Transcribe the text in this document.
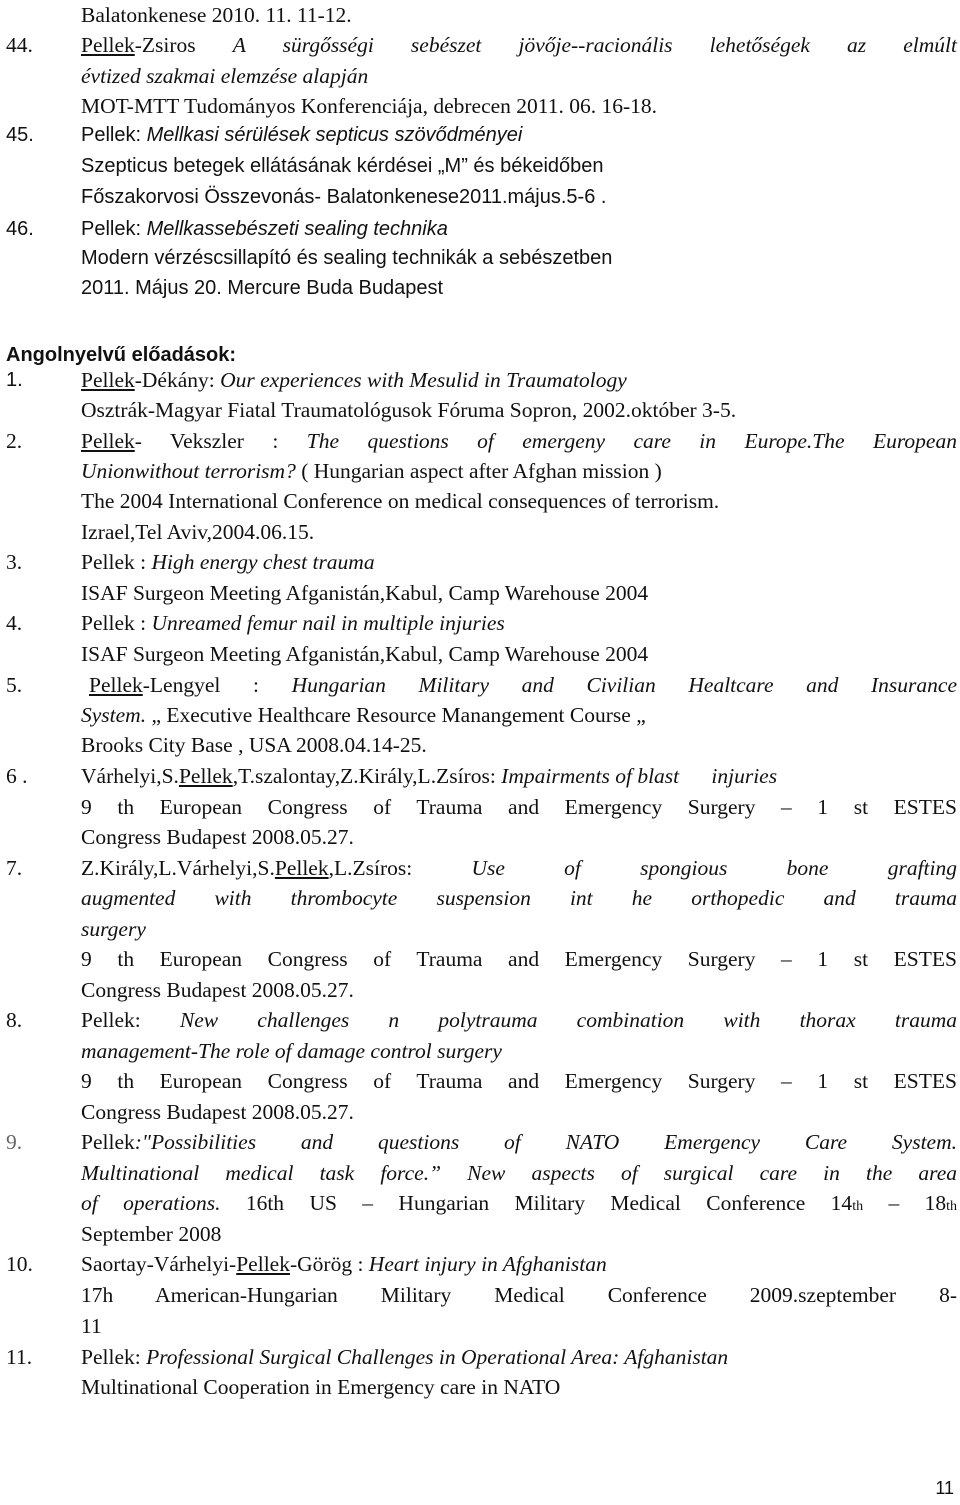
Balatonkenese 2010. 11. 11-12.
44. Pellek-Zsiros A sürgősségi sebészet jövője--racionális lehetőségek az elmúlt
évtized szakmai elemzése alapján
MOT-MTT Tudományos Konferenciája, debrecen 2011. 06. 16-18.
45. Pellek: Mellkasi sérülések septicus szövődményei
Szepticus betegek ellátásának kérdései „M” és békeidőben
Főszakorvosi Összevonás- Balatonkenese2011.május.5-6 .
46. Pellek: Mellkassebészeti sealing technika
Modern vérzéscsillapító és sealing technikák a sebészetben
2011. Május 20. Mercure Buda Budapest
Angolnyelvű előadások:
1.	Pellek-Dékány: Our experiences with Mesulid in Traumatology
Osztrák-Magyar Fiatal Traumatológusok Fóruma Sopron, 2002.október 3-5.
2.	Pellek- Vekszler : The questions of emergeny care in Europe.The European
Unionwithout terrorism? ( Hungarian aspect after Afghan mission )
The 2004 International Conference on medical consequences of terrorism.
Izrael,Tel Aviv,2004.06.15.
3.	Pellek : High energy chest trauma
ISAF Surgeon Meeting Afganistán,Kabul, Camp Warehouse 2004
4.	Pellek : Unreamed femur nail in multiple injuries
ISAF Surgeon Meeting Afganistán,Kabul, Camp Warehouse 2004
5.	Pellek-Lengyel : Hungarian Military and Civilian Healtcare and Insurance
System. „ Executive Healthcare Resource Manangement Course „
Brooks City Base , USA 2008.04.14-25.
6 . Várhelyi,S.Pellek,T.szalontay,Z.Király,L.Zsíros: Impairments of blast      injuries
9 th European Congress of Trauma and Emergency Surgery – 1 st ESTES
Congress Budapest 2008.05.27.
7.	Z.Király,L.Várhelyi,S.Pellek,L.Zsíros: Use of spongious bone grafting
augmented with thrombocyte suspension int he orthopedic and trauma
surgery
9 th European Congress of Trauma and Emergency Surgery – 1 st ESTES
Congress Budapest 2008.05.27.
8.	Pellek: New challenges n polytrauma combination with thorax trauma
management-The role of damage control surgery
9 th European Congress of Trauma and Emergency Surgery – 1 st ESTES
Congress Budapest 2008.05.27.
9.	Pellek:"Possibilities and questions of NATO Emergency Care System.
Multinational medical task force.” New aspects of surgical care in the area
of operations. 16th US – Hungarian Military Medical Conference 14th – 18th
September 2008
10. Saortay-Várhelyi-Pellek-Görög : Heart injury in Afghanistan
17h American-Hungarian Military Medical Conference 2009.szeptember 8-
11
11. Pellek: Professional Surgical Challenges in Operational Area: Afghanistan
Multinational Cooperation in Emergency care in NATO
11
